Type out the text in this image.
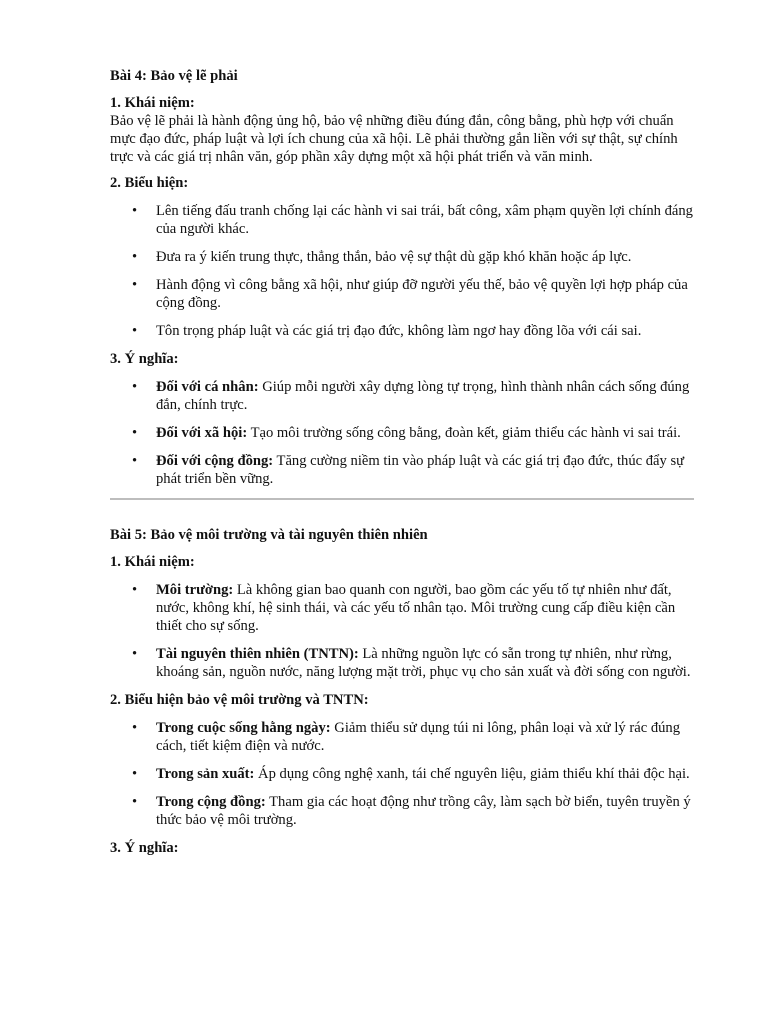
Bài 4: Bảo vệ lẽ phải
1. Khái niệm:
Bảo vệ lẽ phải là hành động ủng hộ, bảo vệ những điều đúng đắn, công bằng, phù hợp với chuẩn mực đạo đức, pháp luật và lợi ích chung của xã hội. Lẽ phải thường gắn liền với sự thật, sự chính trực và các giá trị nhân văn, góp phần xây dựng một xã hội phát triển và văn minh.
2. Biểu hiện:
• Lên tiếng đấu tranh chống lại các hành vi sai trái, bất công, xâm phạm quyền lợi chính đáng của người khác.
• Đưa ra ý kiến trung thực, thẳng thắn, bảo vệ sự thật dù gặp khó khăn hoặc áp lực.
• Hành động vì công bằng xã hội, như giúp đỡ người yếu thế, bảo vệ quyền lợi hợp pháp của cộng đồng.
• Tôn trọng pháp luật và các giá trị đạo đức, không làm ngơ hay đồng lõa với cái sai.
3. Ý nghĩa:
• Đối với cá nhân: Giúp mỗi người xây dựng lòng tự trọng, hình thành nhân cách sống đúng đắn, chính trực.
• Đối với xã hội: Tạo môi trường sống công bằng, đoàn kết, giảm thiểu các hành vi sai trái.
• Đối với cộng đồng: Tăng cường niềm tin vào pháp luật và các giá trị đạo đức, thúc đẩy sự phát triển bền vững.
Bài 5: Bảo vệ môi trường và tài nguyên thiên nhiên
1. Khái niệm:
• Môi trường: Là không gian bao quanh con người, bao gồm các yếu tố tự nhiên như đất, nước, không khí, hệ sinh thái, và các yếu tố nhân tạo. Môi trường cung cấp điều kiện cần thiết cho sự sống.
• Tài nguyên thiên nhiên (TNTN): Là những nguồn lực có sẵn trong tự nhiên, như rừng, khoáng sản, nguồn nước, năng lượng mặt trời, phục vụ cho sản xuất và đời sống con người.
2. Biểu hiện bảo vệ môi trường và TNTN:
• Trong cuộc sống hằng ngày: Giảm thiểu sử dụng túi ni lông, phân loại và xử lý rác đúng cách, tiết kiệm điện và nước.
• Trong sản xuất: Áp dụng công nghệ xanh, tái chế nguyên liệu, giảm thiểu khí thải độc hại.
• Trong cộng đồng: Tham gia các hoạt động như trồng cây, làm sạch bờ biển, tuyên truyền ý thức bảo vệ môi trường.
3. Ý nghĩa:
